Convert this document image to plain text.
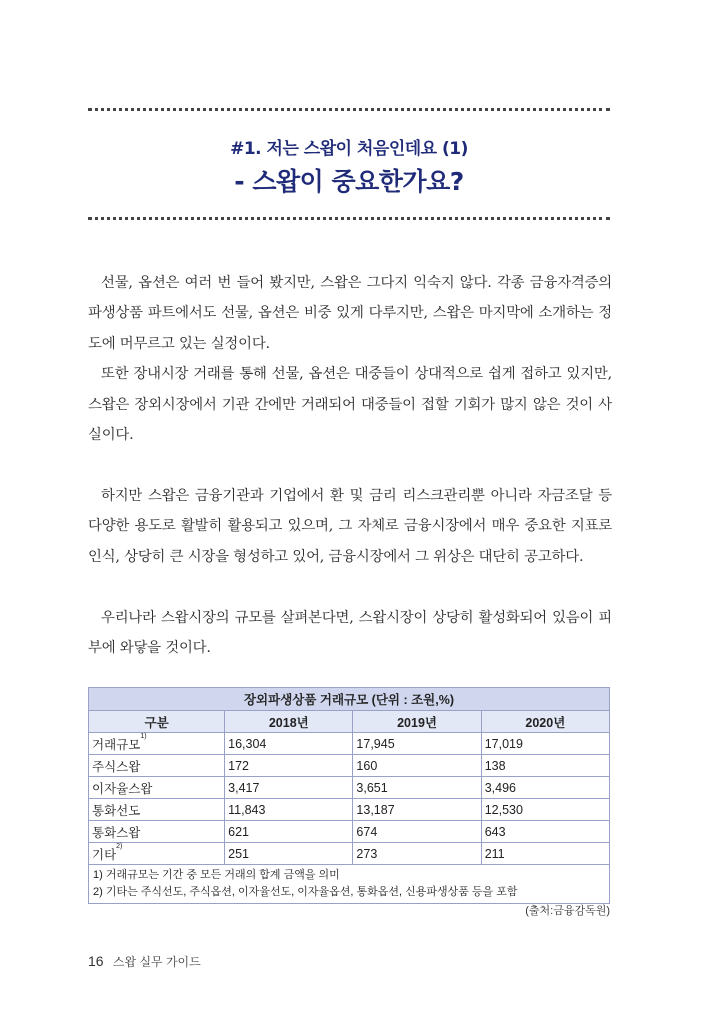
#1. 저는 스왑이 처음인데요 (1)
- 스왑이 중요한가요?

선물, 옵션은 여러 번 들어 봤지만, 스왑은 그다지 익숙지 않다. 각종 금융자격증의 파생상품 파트에서도 선물, 옵션은 비중 있게 다루지만, 스왑은 마지막에 소개하는 정도에 머무르고 있는 실정이다.

또한 장내시장 거래를 통해 선물, 옵션은 대중들이 상대적으로 쉽게 접하고 있지만, 스왑은 장외시장에서 기관 간에만 거래되어 대중들이 접할 기회가 많지 않은 것이 사실이다.

하지만 스왑은 금융기관과 기업에서 환 및 금리 리스크관리뿐 아니라 자금조달 등 다양한 용도로 활발히 활용되고 있으며, 그 자체로 금융시장에서 매우 중요한 지표로 인식, 상당히 큰 시장을 형성하고 있어, 금융시장에서 그 위상은 대단히 공고하다.

우리나라 스왑시장의 규모를 살펴본다면, 스왑시장이 상당히 활성화되어 있음이 피부에 와닿을 것이다.

장외파생상품 거래규모 (단위 : 조원,%)			
구분	2018년	2019년	2020년
거래규모$^{1)}$	16,304	17,945	17,019
주식스왑	172	160	138
이자율스왑	3,417	3,651	3,496
통화선도	11,843	13,187	12,530
통화스왑	621	674	643
기타$^{2)}$	251	273	211

1) 거래규모는 기간 중 모든 거래의 합계 금액을 의미
2) 기타는 주식선도, 주식옵션, 이자율선도, 이자율옵션, 통화옵션, 신용파생상품 등을 포함			
(출처:금융감독원)
16 스왑 실무 가이드
